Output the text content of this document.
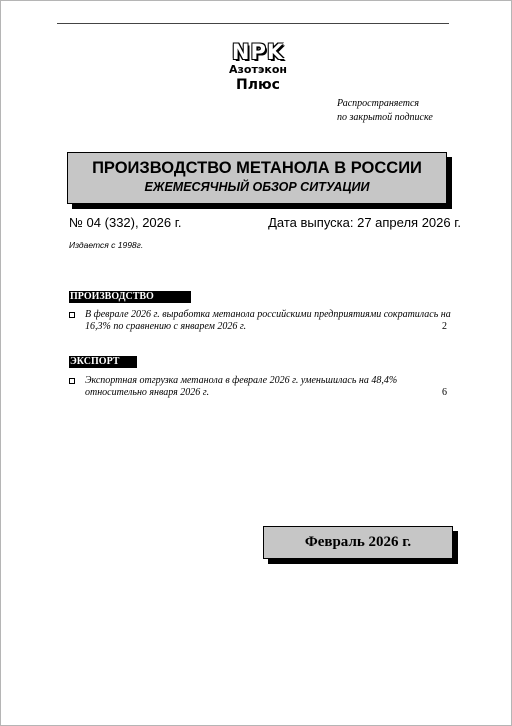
NPK
Азотэкон
Плюс
Распространяется
по закрытой подписке
ПРОИЗВОДСТВО МЕТАНОЛА В РОССИИ
ЕЖЕМЕСЯЧНЫЙ ОБЗОР СИТУАЦИИ
№ 04 (332), 2026 г.	Дата выпуска: 27 апреля 2026 г.
Издается с 1998г.
ПРОИЗВОДСТВО
В феврале 2026 г. выработка метанола российскими предприятиями сократилась на 16,3% по сравнению с январем 2026 г.	2
ЭКСПОРТ
Экспортная отгрузка метанола в феврале 2026 г. уменьшилась на 48,4% относительно января 2026 г.	6
Февраль 2026 г.
